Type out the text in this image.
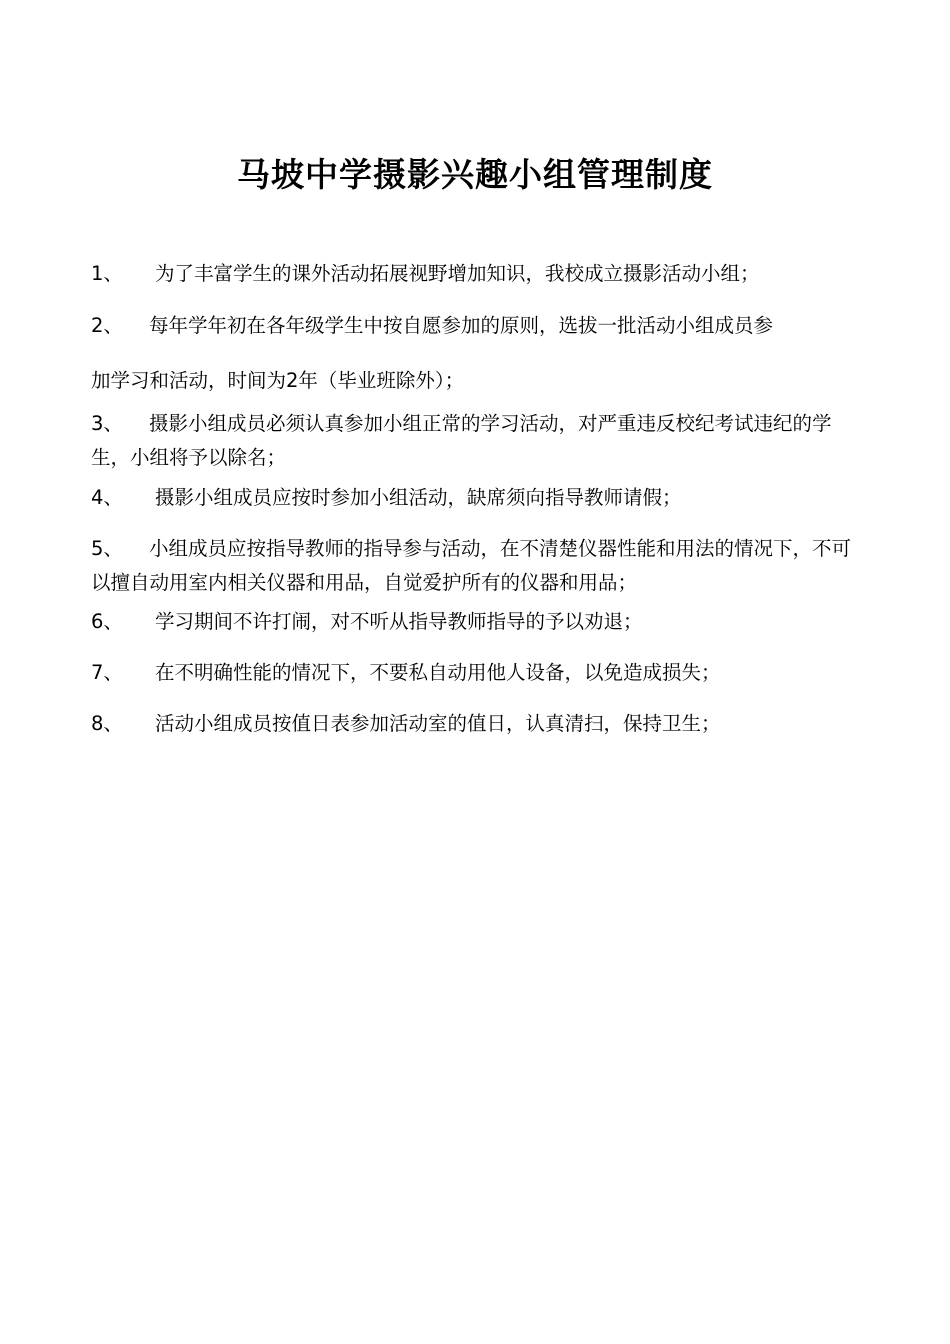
马坡中学摄影兴趣小组管理制度

1、 为了丰富学生的课外活动拓展视野增加知识，我校成立摄影活动小组；

2、 每年学年初在各年级学生中按自愿参加的原则，选拔一批活动小组成员参
加学习和活动，时间为2年（毕业班除外）；

3、 摄影小组成员必须认真参加小组正常的学习活动，对严重违反校纪考试违纪的学生，小组将予以除名；

4、 摄影小组成员应按时参加小组活动，缺席须向指导教师请假；

5、 小组成员应按指导教师的指导参与活动，在不清楚仪器性能和用法的情况下，不可以擅自动用室内相关仪器和用品，自觉爱护所有的仪器和用品；

6、 学习期间不许打闹，对不听从指导教师指导的予以劝退；

7、 在不明确性能的情况下，不要私自动用他人设备，以免造成损失；

8、 活动小组成员按值日表参加活动室的值日，认真清扫，保持卫生；
